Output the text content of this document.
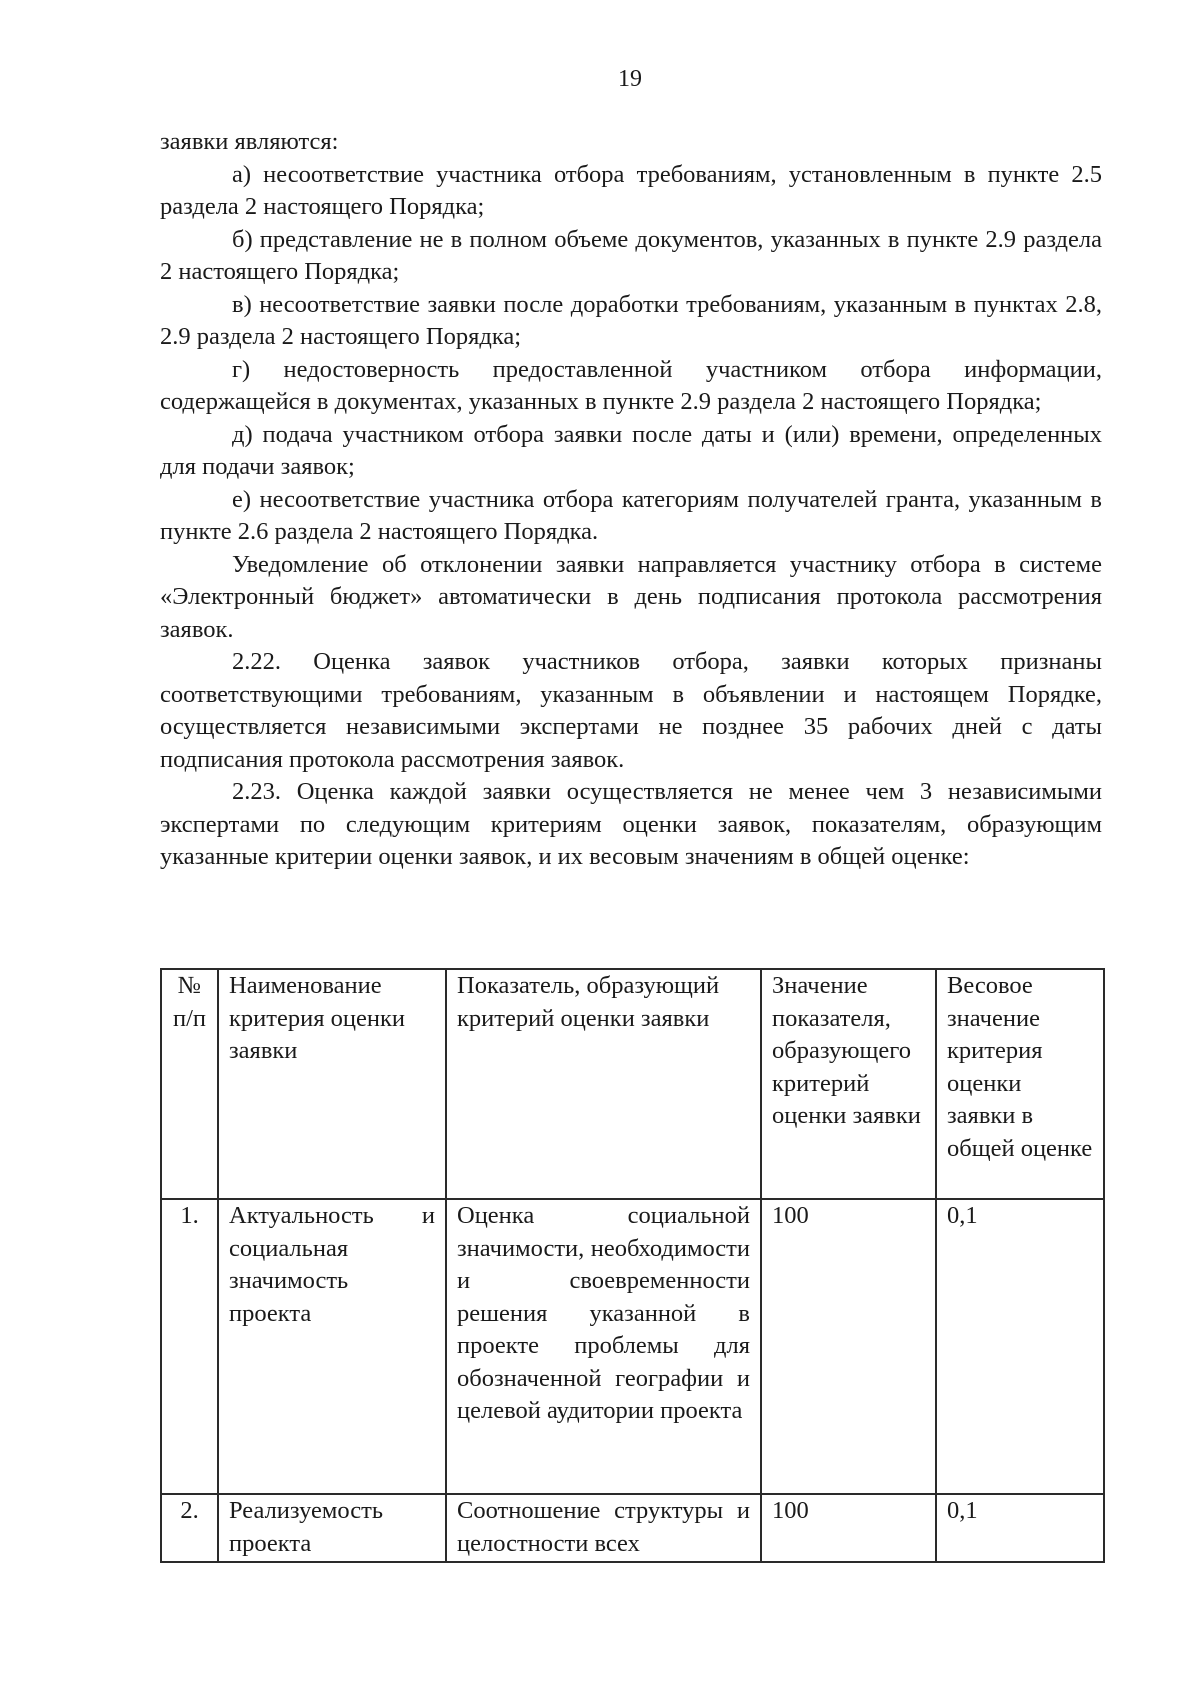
19

заявки являются:

а) несоответствие участника отбора требованиям, установленным в пункте 2.5 раздела 2 настоящего Порядка;

б) представление не в полном объеме документов, указанных в пункте 2.9 раздела 2 настоящего Порядка;

в) несоответствие заявки после доработки требованиям, указанным в пунктах 2.8, 2.9 раздела 2 настоящего Порядка;

г) недостоверность предоставленной участником отбора информации, содержащейся в документах, указанных в пункте 2.9 раздела 2 настоящего Порядка;

д) подача участником отбора заявки после даты и (или) времени, определенных для подачи заявок;

е) несоответствие участника отбора категориям получателей гранта, указанным в пункте 2.6 раздела 2 настоящего Порядка.

Уведомление об отклонении заявки направляется участнику отбора в системе «Электронный бюджет» автоматически в день подписания протокола рассмотрения заявок.

2.22. Оценка заявок участников отбора, заявки которых признаны соответствующими требованиям, указанным в объявлении и настоящем Порядке, осуществляется независимыми экспертами не позднее 35 рабочих дней с даты подписания протокола рассмотрения заявок.

2.23. Оценка каждой заявки осуществляется не менее чем 3 независимыми экспертами по следующим критериям оценки заявок, показателям, образующим указанные критерии оценки заявок, и их весовым значениям в общей оценке:

№ п/п	Наименование критерия оценки заявки	Показатель, образующий критерий оценки заявки	Значение показателя, образующего критерий оценки заявки	Весовое значение критерия оценки заявки в общей оценке
1.	Актуальность и социальная значимость проекта	Оценка социальной значимости, необходимости и своевременности решения указанной в проекте проблемы для обозначенной географии и целевой аудитории проекта	100	0,1
2.	Реализуемость проекта	Соотношение структуры и целостности всех	100	0,1
